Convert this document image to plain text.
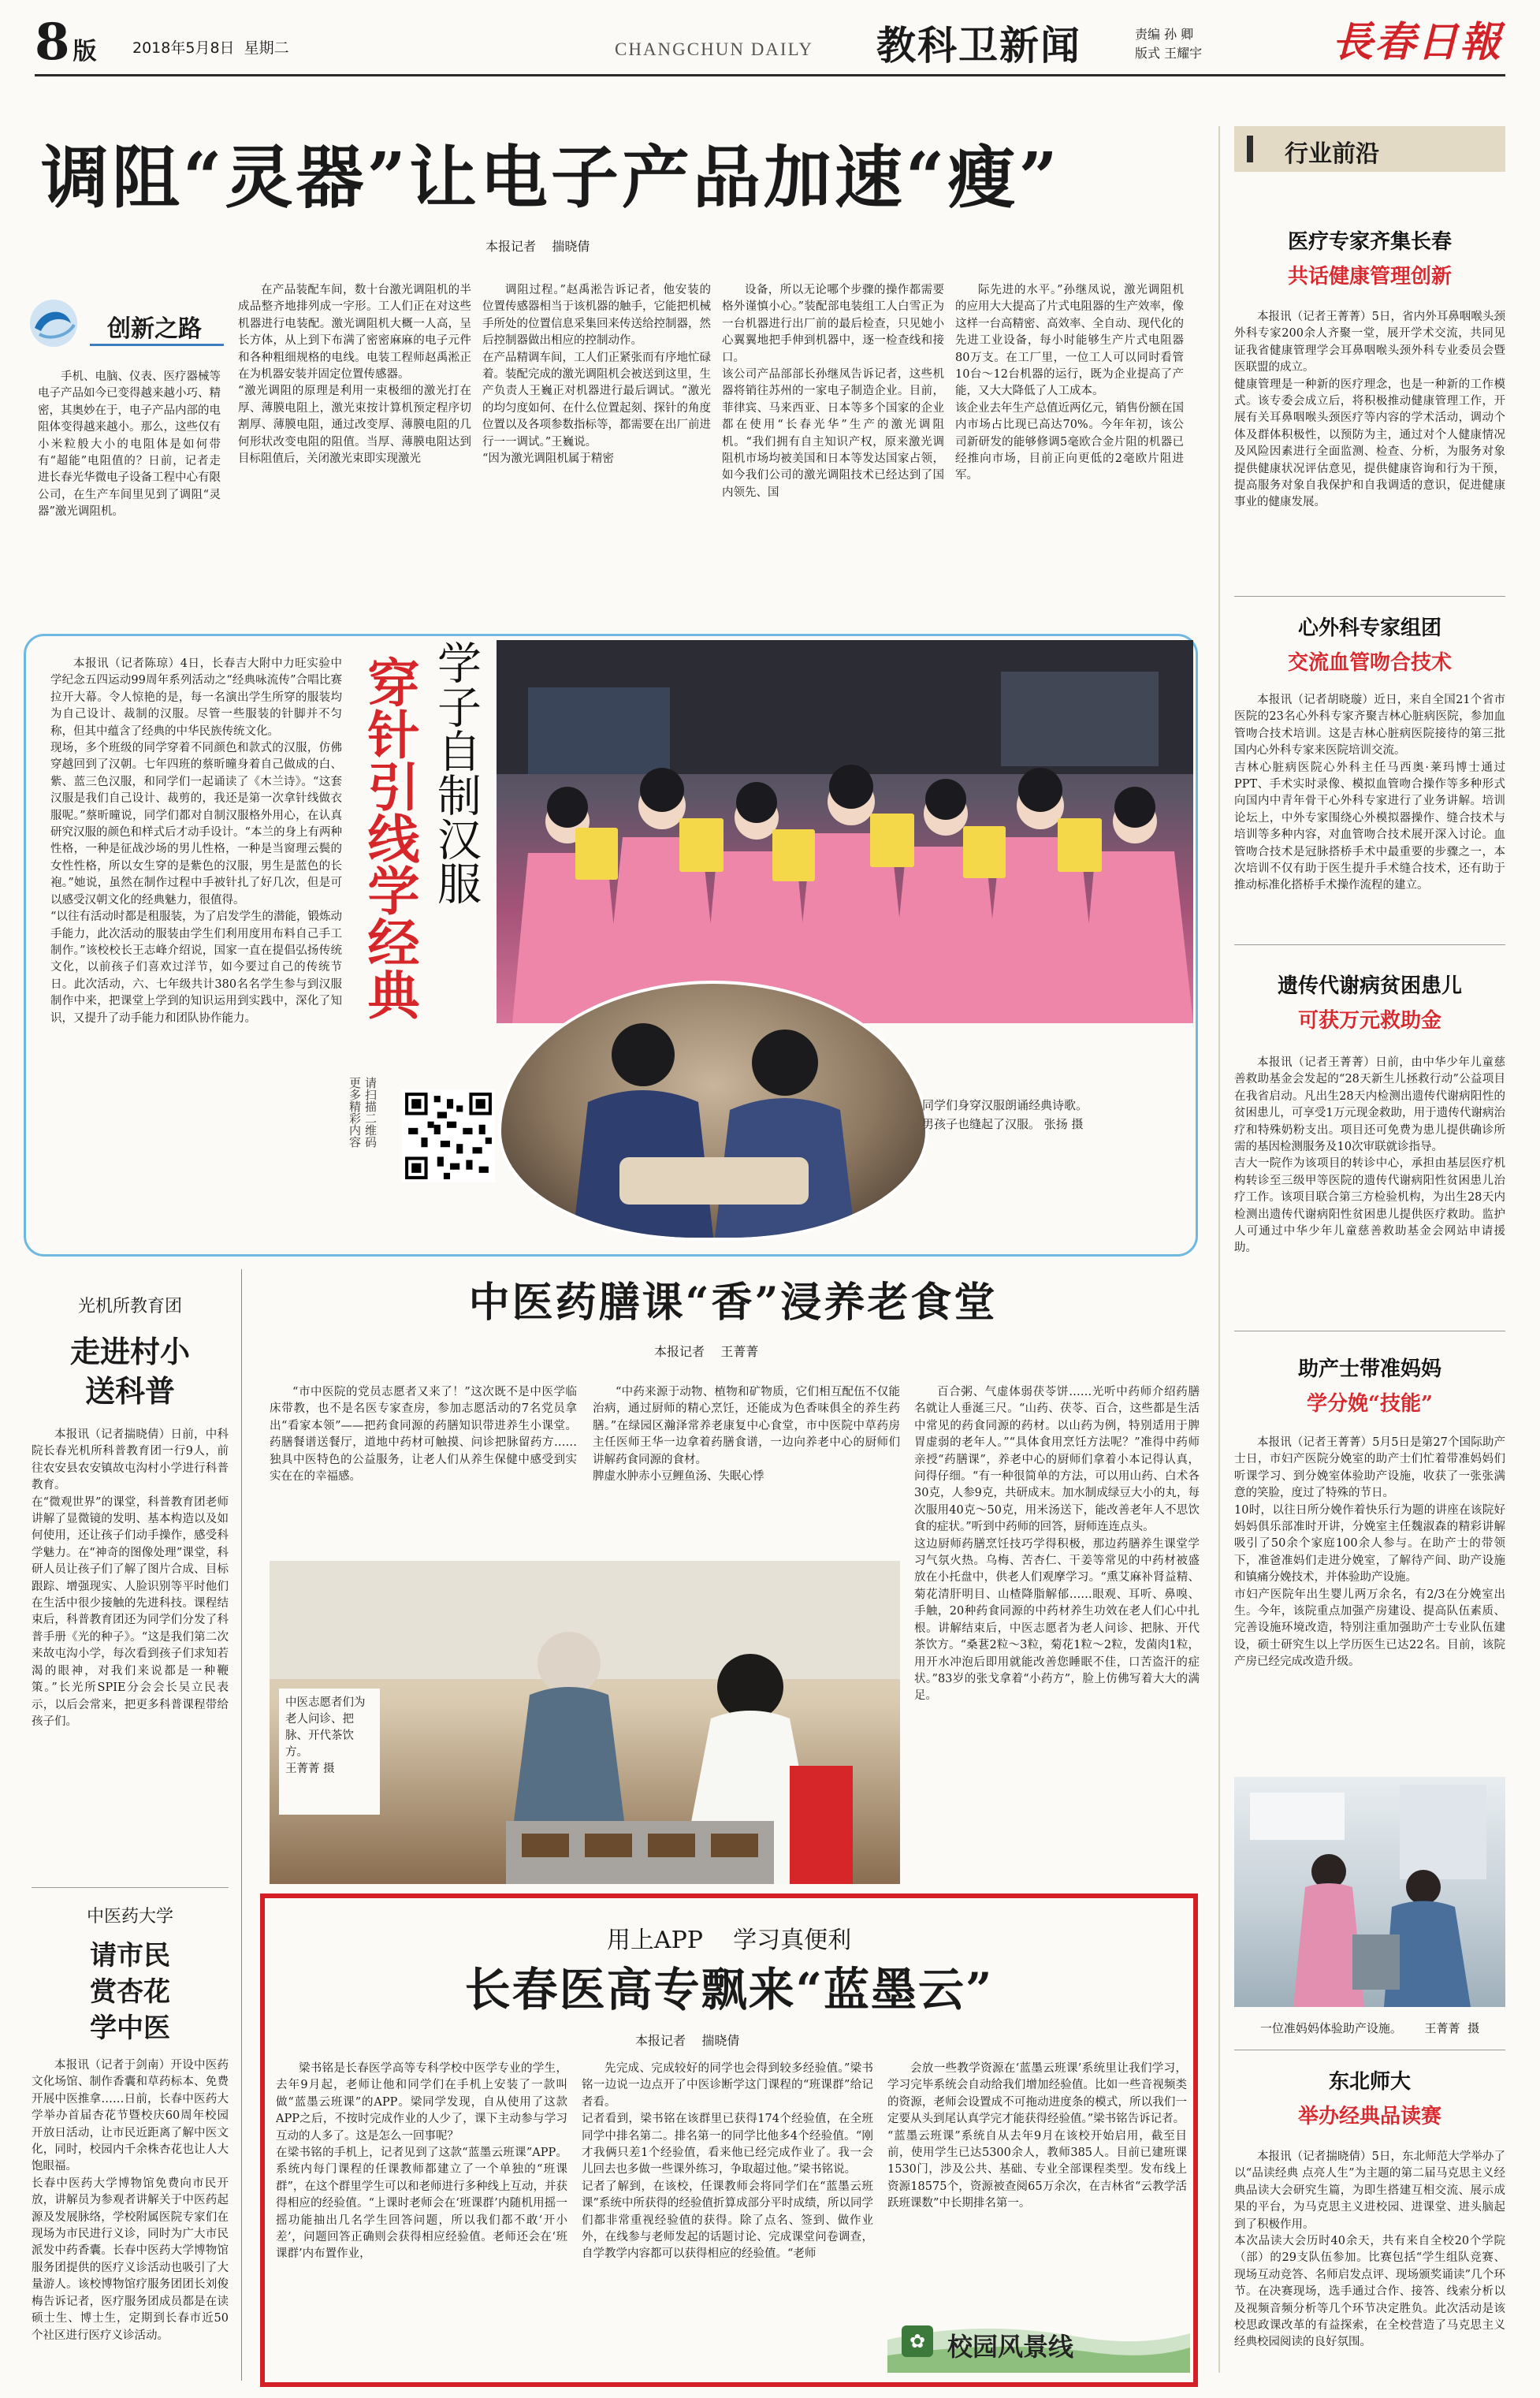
8 版 2018年5月8日 星期二	CHANGCHUN DAILY 教科卫新闻	责编 孙 卿
版式 王耀宇	長春日報
调阻“灵器”让电子产品加速“瘦”
本报记者    揣晓倩
创新之路
手机、电脑、仪表、医疗器械等电子产品如今已变得越来越小巧、精密，其奥妙在于，电子产品内部的电阻体变得越来越小。那么，这些仅有小米粒般大小的电阻体是如何带有“超能”电阻值的？日前，记者走进长春光华微电子设备工程中心有限公司，在生产车间里见到了调阻“灵器”激光调阻机。
在产品装配车间，数十台激光调阻机的半成品整齐地排列成一字形。工人们正在对这些机器进行电装配。激光调阻机大概一人高，呈长方体，从上到下布满了密密麻麻的电子元件和各种粗细规格的电线。电装工程师赵禹淞正在为机器安装并固定位置传感器。
“激光调阻的原理是利用一束极细的激光打在厚、薄膜电阻上，激光束按计算机预定程序切割厚、薄膜电阻，通过改变厚、薄膜电阻的几何形状改变电阻的阻值。当厚、薄膜电阻达到目标阻值后，关闭激光束即实现激光
调阻过程。”赵禹淞告诉记者，他安装的位置传感器相当于该机器的触手，它能把机械手所处的位置信息采集回来传送给控制器，然后控制器做出相应的控制动作。
在产品精调车间，工人们正紧张而有序地忙碌着。装配完成的激光调阻机会被送到这里，生产负责人王巍正对机器进行最后调试。“激光的均匀度如何、在什么位置起刻、探针的角度位置以及各项参数指标等，都需要在出厂前进行一一调试。”王巍说。
“因为激光调阻机属于精密
设备，所以无论哪个步骤的操作都需要格外谨慎小心。”装配部电装组工人白雪正为一台机器进行出厂前的最后检查，只见她小心翼翼地把手伸到机器中，逐一检查线和接口。
该公司产品部部长孙继凤告诉记者，这些机器将销往苏州的一家电子制造企业。目前，菲律宾、马来西亚、日本等多个国家的企业都在使用“长春光华”生产的激光调阻机。“我们拥有自主知识产权，原来激光调阻机市场均被美国和日本等发达国家占领，如今我们公司的激光调阻技术已经达到了国内领先、国
际先进的水平。”孙继凤说，激光调阻机的应用大大提高了片式电阻器的生产效率，像这样一台高精密、高效率、全自动、现代化的先进工业设备，每小时能够生产片式电阻器80万支。在工厂里，一位工人可以同时看管10台～12台机器的运行，既为企业提高了产能，又大大降低了人工成本。
该企业去年生产总值近两亿元，销售份额在国内市场占比现已高达70%。今年年初，该公司新研发的能够修调5毫欧合金片阻的机器已经推向市场，目前正向更低的2毫欧片阻进军。
本报讯（记者陈琼）4日，长春吉大附中力旺实验中学纪念五四运动99周年系列活动之“经典咏流传”合唱比赛拉开大幕。令人惊艳的是，每一名演出学生所穿的服装均为自己设计、裁制的汉服。尽管一些服装的针脚并不匀称，但其中蕴含了经典的中华民族传统文化。
现场，多个班级的同学穿着不同颜色和款式的汉服，仿佛穿越回到了汉朝。七年四班的蔡昕曈身着自己做成的白、紫、蓝三色汉服，和同学们一起诵读了《木兰诗》。“这套汉服是我们自己设计、裁剪的，我还是第一次拿针线做衣服呢。”蔡昕曈说，同学们都对自制汉服格外用心，在认真研究汉服的颜色和样式后才动手设计。“本兰的身上有两种性格，一种是征战沙场的男儿性格，一种是当窗理云鬓的女性性格，所以女生穿的是紫色的汉服，男生是蓝色的长袍。”她说，虽然在制作过程中手被针扎了好几次，但是可以感受汉朝文化的经典魅力，很值得。
“以往有活动时都是租服装，为了启发学生的潜能，锻炼动手能力，此次活动的服装由学生们利用度用布料自己手工制作。”该校校长王志峰介绍说，国家一直在提倡弘扬传统文化，以前孩子们喜欢过洋节，如今要过自己的传统节日。此次活动，六、七年级共计380名名学生参与到汉服制作中来，把课堂上学到的知识运用到实践中，深化了知识，又提升了动手能力和团队协作能力。
学子自制汉服
穿针引线学经典
请扫描二维码
更多精彩内容	同学们身穿汉服朗诵经典诗歌。
男孩子也缝起了汉服。 张扬 摄
行业前沿
医疗专家齐集长春
共话健康管理创新
本报讯（记者王菁菁）5日，省内外耳鼻咽喉头颈外科专家200余人齐聚一堂，展开学术交流，共同见证我省健康管理学会耳鼻咽喉头颈外科专业委员会暨医联盟的成立。
健康管理是一种新的医疗理念，也是一种新的工作模式。该专委会成立后，将积极推动健康管理工作，开展有关耳鼻咽喉头颈医疗等内容的学术活动，调动个体及群体积极性，以预防为主，通过对个人健康情况及风险因素进行全面监测、检查、分析，为服务对象提供健康状况评估意见，提供健康咨询和行为干预，提高服务对象自我保护和自我调适的意识，促进健康事业的健康发展。
心外科专家组团
交流血管吻合技术
本报讯（记者胡晓璇）近日，来自全国21个省市医院的23名心外科专家齐聚吉林心脏病医院，参加血管吻合技术培训。这是吉林心脏病医院接待的第三批国内心外科专家来医院培训交流。
吉林心脏病医院心外科主任马西奥·莱玛博士通过PPT、手术实时录像、模拟血管吻合操作等多种形式向国内中青年骨干心外科专家进行了业务讲解。培训论坛上，中外专家围绕心外模拟器操作、缝合技术与培训等多种内容，对血管吻合技术展开深入讨论。血管吻合技术是冠脉搭桥手术中最重要的步骤之一，本次培训不仅有助于医生提升手术缝合技术，还有助于推动标准化搭桥手术操作流程的建立。
遗传代谢病贫困患儿
可获万元救助金
本报讯（记者王菁菁）日前，由中华少年儿童慈善救助基金会发起的“28天新生儿拯救行动”公益项目在我省启动。凡出生28天内检测出遗传代谢病阳性的贫困患儿，可享受1万元现金救助，用于遗传代谢病治疗和特殊奶粉支出。项目还可免费为患儿提供确诊所需的基因检测服务及10次审联就诊指导。
吉大一院作为该项目的转诊中心，承担由基层医疗机构转诊至三级甲等医院的遗传代谢病阳性贫困患儿治疗工作。该项目联合第三方检验机构，为出生28天内检测出遗传代谢病阳性贫困患儿提供医疗救助。监护人可通过中华少年儿童慈善救助基金会网站申请援助。
助产士带准妈妈
学分娩“技能”
本报讯（记者王菁菁）5月5日是第27个国际助产士日，市妇产医院分娩室的助产士们忙着带准妈妈们听课学习、到分娩室体验助产设施，收获了一张张满意的笑脸，度过了特殊的节日。
10时，以往日所分娩作着快乐行为题的讲座在该院好妈妈俱乐部准时开讲，分娩室主任魏淑森的精彩讲解吸引了50余个家庭100余人参与。在助产士的带领下，准爸准妈们走进分娩室，了解待产间、助产设施和镇痛分娩技术，并体验助产设施。
市妇产医院年出生婴儿两万余名，有2/3在分娩室出生。今年，该院重点加强产房建设、提高队伍素质、完善设施环境改造，特别注重加强助产士专业队伍建设，硕士研究生以上学历医生已达22名。目前，该院产房已经完成改造升级。
一位准妈妈体验助产设施。      王菁菁  摄
东北师大
举办经典品读赛
本报讯（记者揣晓倩）5日，东北师范大学举办了以“品读经典 点亮人生”为主题的第二届马克思主义经典品读大会研究生篇，为即生搭建互相交流、展示成果的平台，为马克思主义进校园、进课堂、进头脑起到了积极作用。
本次品读大会历时40余天，共有来自全校20个学院（部）的29支队伍参加。比赛包括“学生组队竞赛、现场互动竞答、名师启发点评、现场颁奖诵读”几个环节。在决赛现场，选手通过合作、接答、线索分析以及视频音频分析等几个环节决定胜负。此次活动是该校思政课改革的有益探索，在全校营造了马克思主义经典校园阅读的良好氛围。
光机所教育团
走进村小
送科普
本报讯（记者揣晓倩）日前，中科院长春光机所科普教育团一行9人，前往农安县农安镇故屯沟村小学进行科普教育。
在“微观世界”的课堂，科普教育团老师讲解了显微镜的发明、基本构造以及如何使用，还让孩子们动手操作，感受科学魅力。在“神奇的图像处理”课堂，科研人员让孩子们了解了图片合成、目标跟踪、增强现实、人脸识别等平时他们在生活中很少接触的先进科技。课程结束后，科普教育团还为同学们分发了科普手册《光的种子》。“这是我们第二次来故屯沟小学，每次看到孩子们求知若渴的眼神，对我们来说都是一种鞭策。”长光所SPIE分会会长吴立民表示，以后会常来，把更多科普课程带给孩子们。
中医药大学
请市民
赏杏花
学中医
本报讯（记者于剑南）开设中医药文化场馆、制作香囊和草药标本、免费开展中医推拿……日前，长春中医药大学举办首届杏花节暨校庆60周年校园开放日活动，让市民近距离了解中医文化，同时，校园内千余株杏花也让人大饱眼福。
长春中医药大学博物馆免费向市民开放，讲解员为参观者讲解关于中医药起源及发展脉络，学校附属医院专家们在现场为市民进行义诊，同时为广大市民派发中药香囊。长春中医药大学博物馆服务团提供的医疗义诊活动也吸引了大量游人。该校博物馆疗服务团团长刘俊梅告诉记者，医疗服务团成员都是在读硕士生、博士生，定期到长春市近50个社区进行医疗义诊活动。
中医药膳课“香”浸养老食堂
本报记者    王菁菁
“市中医院的党员志愿者又来了！”这次既不是中医学临床带教，也不是名医专家查房，参加志愿活动的7名党员拿出“看家本领”——把药食同源的药膳知识带进养生小课堂。药膳餐谱送餐厅，道地中药材可触摸、问诊把脉留药方……独具中医特色的公益服务，让老人们从养生保健中感受到实实在在的幸福感。
“中药来源于动物、植物和矿物质，它们相互配伍不仅能治病，通过厨师的精心烹饪，还能成为色香味俱全的养生药膳。”在绿园区瀚泽常养老康复中心食堂，市中医院中草药房主任医师王华一边拿着药膳食谱，一边向养老中心的厨师们讲解药食同源的食材。
脾虚水肿赤小豆鲤鱼汤、失眠心悸
百合粥、气虚体弱茯苓饼……光听中药师介绍药膳名就让人垂涎三尺。“山药、茯苓、百合，这些都是生活中常见的药食同源的药材。以山药为例，特别适用于脾胃虚弱的老年人。”“具体食用烹饪方法呢？”准得中药师亲授“药膳课”，养老中心的厨师们拿着小本记得认真，问得仔细。“有一种很简单的方法，可以用山药、白术各30克，人参9克，共研成末。加水制成绿豆大小的丸，每次服用40克～50克，用米汤送下，能改善老年人不思饮食的症状。”听到中药师的回答，厨师连连点头。
这边厨师药膳烹饪技巧学得积极，那边药膳养生课堂学习气氛火热。乌梅、苦杏仁、干姜等常见的中药材被盛放在小托盘中，供老人们观摩学习。“熏艾麻补肾益精、菊花清肝明目、山楂降脂解郁……眼观、耳听、鼻嗅、手触，20种药食同源的中药材养生功效在老人们心中扎根。讲解结束后，中医志愿者为老人问诊、把脉、开代茶饮方。“桑葚2粒～3粒，菊花1粒～2粒，发菌肉1粒，用开水冲泡后即用就能改善您睡眠不佳，口苦盗汗的症状。”83岁的张戈拿着“小药方”，脸上仿佛写着大大的满足。
中医志愿者们为老人问诊、把脉、开代茶饮方。
王菁菁 摄
用上APP    学习真便利
长春医高专飘来“蓝墨云”
本报记者    揣晓倩
梁书铭是长春医学高等专科学校中医学专业的学生，去年9月起，老师让他和同学们在手机上安装了一款叫做“蓝墨云班课”的APP。梁同学发现，自从使用了这款APP之后，不按时完成作业的人少了，课下主动参与学习互动的人多了。这是怎么一回事呢？
在梁书铭的手机上，记者见到了这款“蓝墨云班课”APP。系统内每门课程的任课教师都建立了一个单独的“班课群”，在这个群里学生可以和老师进行多种线上互动，并获得相应的经验值。“上课时老师会在‘班课群’内随机用摇一摇功能抽出几名学生回答问题，所以我们都不敢‘开小差’，问题回答正确则会获得相应经验值。老师还会在‘班课群’内布置作业，
先完成、完成较好的同学也会得到较多经验值。”梁书铭一边说一边点开了中医诊断学这门课程的“班课群”给记者看。
记者看到，梁书铭在该群里已获得174个经验值，在全班同学中排名第二。排名第一的同学比他多4个经验值。“刚才我俩只差1个经验值，看来他已经完成作业了。我一会儿回去也多做一些课外练习，争取超过他。”梁书铭说。
记者了解到，在该校，任课教师会将同学们在“蓝墨云班课”系统中所获得的经验值折算成部分平时成绩，所以同学们都非常重视经验值的获得。除了点名、签到、做作业外，在线参与老师发起的话题讨论、完成课堂问卷调查，自学教学内容都可以获得相应的经验值。“老师
会放一些教学资源在‘蓝墨云班课’系统里让我们学习，学习完毕系统会自动给我们增加经验值。比如一些音视频类的资源，老师会设置成不可拖动进度条的模式，所以我们一定要从头到尾认真学完才能获得经验值。”梁书铭告诉记者。
“蓝墨云班课”系统自从去年9月在该校开始启用，截至目前，使用学生已达5300余人，教师385人。目前已建班课1530门，涉及公共、基础、专业全部课程类型。发布线上资源18575个，资源被查阅65万余次，在吉林省“云教学活跃班课数”中长期排名第一。
✿ 校园风景线
